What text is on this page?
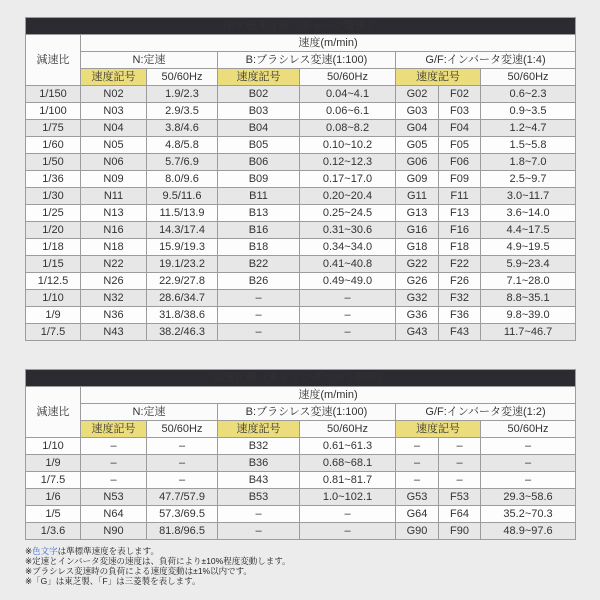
中・低速仕様（チェーン駆動）							
減速比	速度(m/min)						
	N:定速		B:ブラシレス変速(1:100)		G/F:インバータ変速(1:4)		
	速度記号	50/60Hz	速度記号	50/60Hz	速度記号		50/60Hz
1/150	N02	1.9/2.3	B02	0.04~4.1	G02	F02	0.6~2.3
1/100	N03	2.9/3.5	B03	0.06~6.1	G03	F03	0.9~3.5
1/75	N04	3.8/4.6	B04	0.08~8.2	G04	F04	1.2~4.7
1/60	N05	4.8/5.8	B05	0.10~10.2	G05	F05	1.5~5.8
1/50	N06	5.7/6.9	B06	0.12~12.3	G06	F06	1.8~7.0
1/36	N09	8.0/9.6	B09	0.17~17.0	G09	F09	2.5~9.7
1/30	N11	9.5/11.6	B11	0.20~20.4	G11	F11	3.0~11.7
1/25	N13	11.5/13.9	B13	0.25~24.5	G13	F13	3.6~14.0
1/20	N16	14.3/17.4	B16	0.31~30.6	G16	F16	4.4~17.5
1/18	N18	15.9/19.3	B18	0.34~34.0	G18	F18	4.9~19.5
1/15	N22	19.1/23.2	B22	0.41~40.8	G22	F22	5.9~23.4
1/12.5	N26	22.9/27.8	B26	0.49~49.0	G26	F26	7.1~28.0
1/10	N32	28.6/34.7	–	–	G32	F32	8.8~35.1
1/9	N36	31.8/38.6	–	–	G36	F36	9.8~39.0
1/7.5	N43	38.2/46.3	–	–	G43	F43	11.7~46.7
高速仕様（タイミングベルト駆動）							
減速比	速度(m/min)						
	N:定速		B:ブラシレス変速(1:100)		G/F:インバータ変速(1:2)		
	速度記号	50/60Hz	速度記号	50/60Hz	速度記号		50/60Hz
1/10	–	–	B32	0.61~61.3	–	–	–
1/9	–	–	B36	0.68~68.1	–	–	–
1/7.5	–	–	B43	0.81~81.7	–	–	–
1/6	N53	47.7/57.9	B53	1.0~102.1	G53	F53	29.3~58.6
1/5	N64	57.3/69.5	–	–	G64	F64	35.2~70.3
1/3.6	N90	81.8/96.5	–	–	G90	F90	48.9~97.6
※色文字は準標準速度を表します。
※定速とインバータ変速の速度は、負荷により±10%程度変動します。
※ブラシレス変速時の負荷による速度変動は±1%以内です。
※「G」は東芝製、「F」は三菱製を表します。
